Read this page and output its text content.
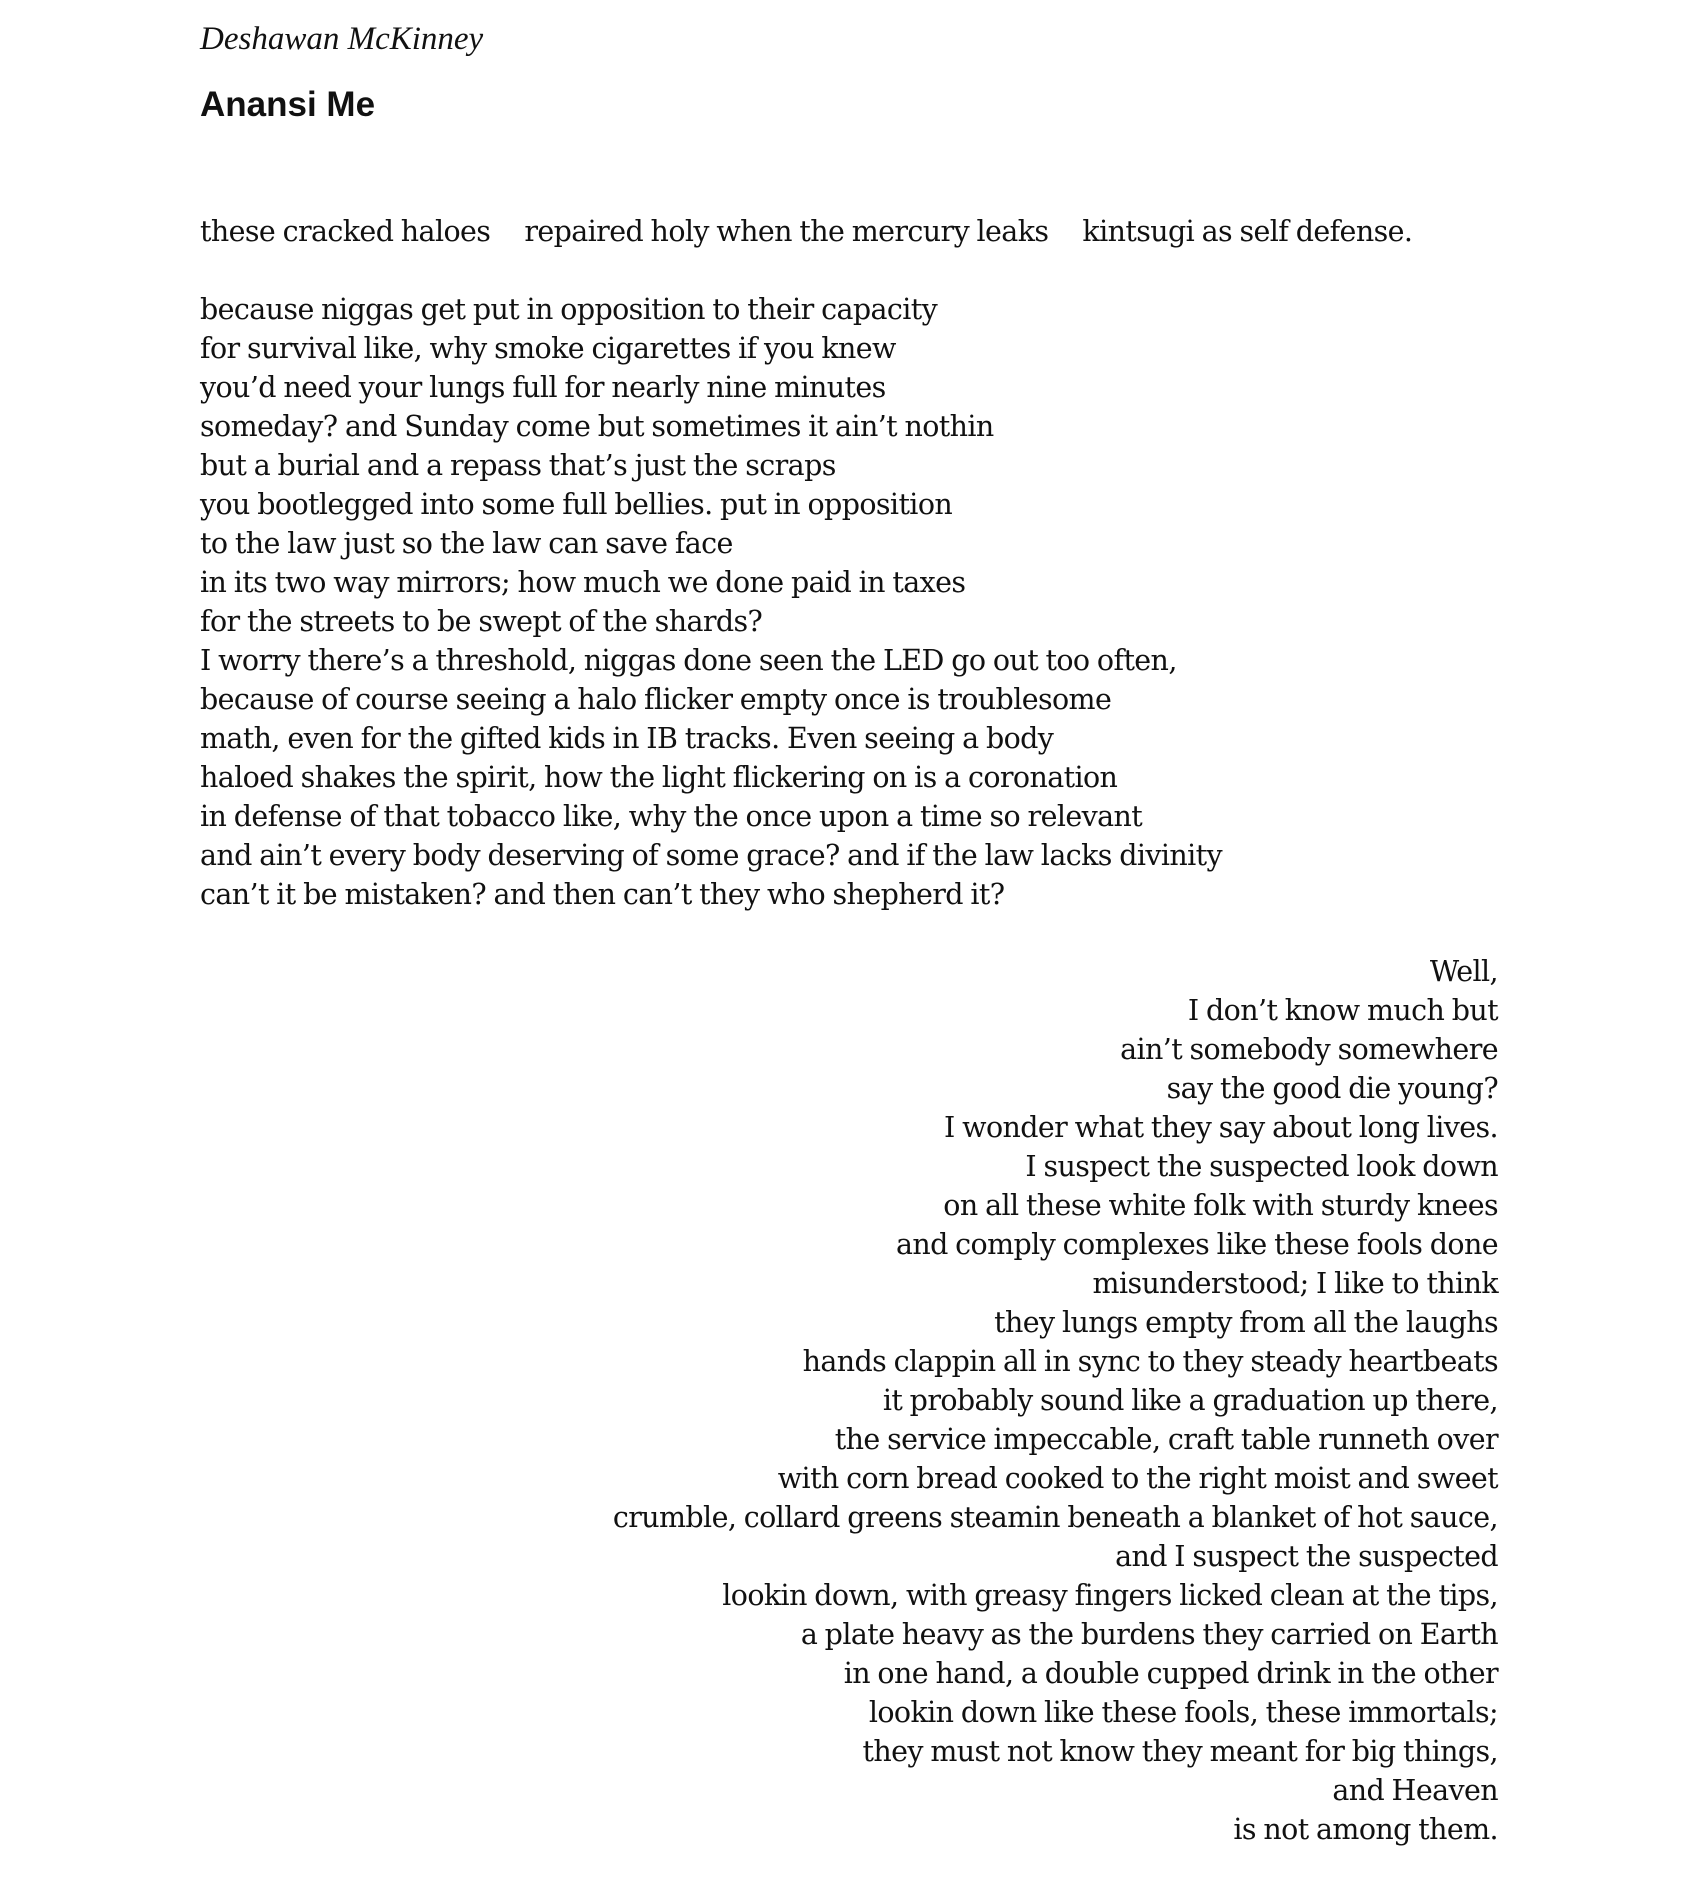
Deshawan McKinney

Anansi Me

these cracked haloes repaired holy when the mercury leaks kintsugi as self defense.

because niggas get put in opposition to their capacity
for survival like, why smoke cigarettes if you knew
you’d need your lungs full for nearly nine minutes
someday? and Sunday come but sometimes it ain’t nothin
but a burial and a repass that’s just the scraps
you bootlegged into some full bellies. put in opposition
to the law just so the law can save face
in its two way mirrors; how much we done paid in taxes
for the streets to be swept of the shards?
I worry there’s a threshold, niggas done seen the LED go out too often,
because of course seeing a halo flicker empty once is troublesome
math, even for the gifted kids in IB tracks. Even seeing a body
haloed shakes the spirit, how the light flickering on is a coronation
in defense of that tobacco like, why the once upon a time so relevant
and ain’t every body deserving of some grace? and if the law lacks divinity
can’t it be mistaken? and then can’t they who shepherd it?
Well,
I don’t know much but
ain’t somebody somewhere
say the good die young?
I wonder what they say about long lives.
I suspect the suspected look down
on all these white folk with sturdy knees
and comply complexes like these fools done
misunderstood; I like to think
they lungs empty from all the laughs
hands clappin all in sync to they steady heartbeats
it probably sound like a graduation up there,
the service impeccable, craft table runneth over
with corn bread cooked to the right moist and sweet
crumble, collard greens steamin beneath a blanket of hot sauce,
and I suspect the suspected
lookin down, with greasy fingers licked clean at the tips,
a plate heavy as the burdens they carried on Earth
in one hand, a double cupped drink in the other
lookin down like these fools, these immortals;
they must not know they meant for big things,
and Heaven
is not among them.
